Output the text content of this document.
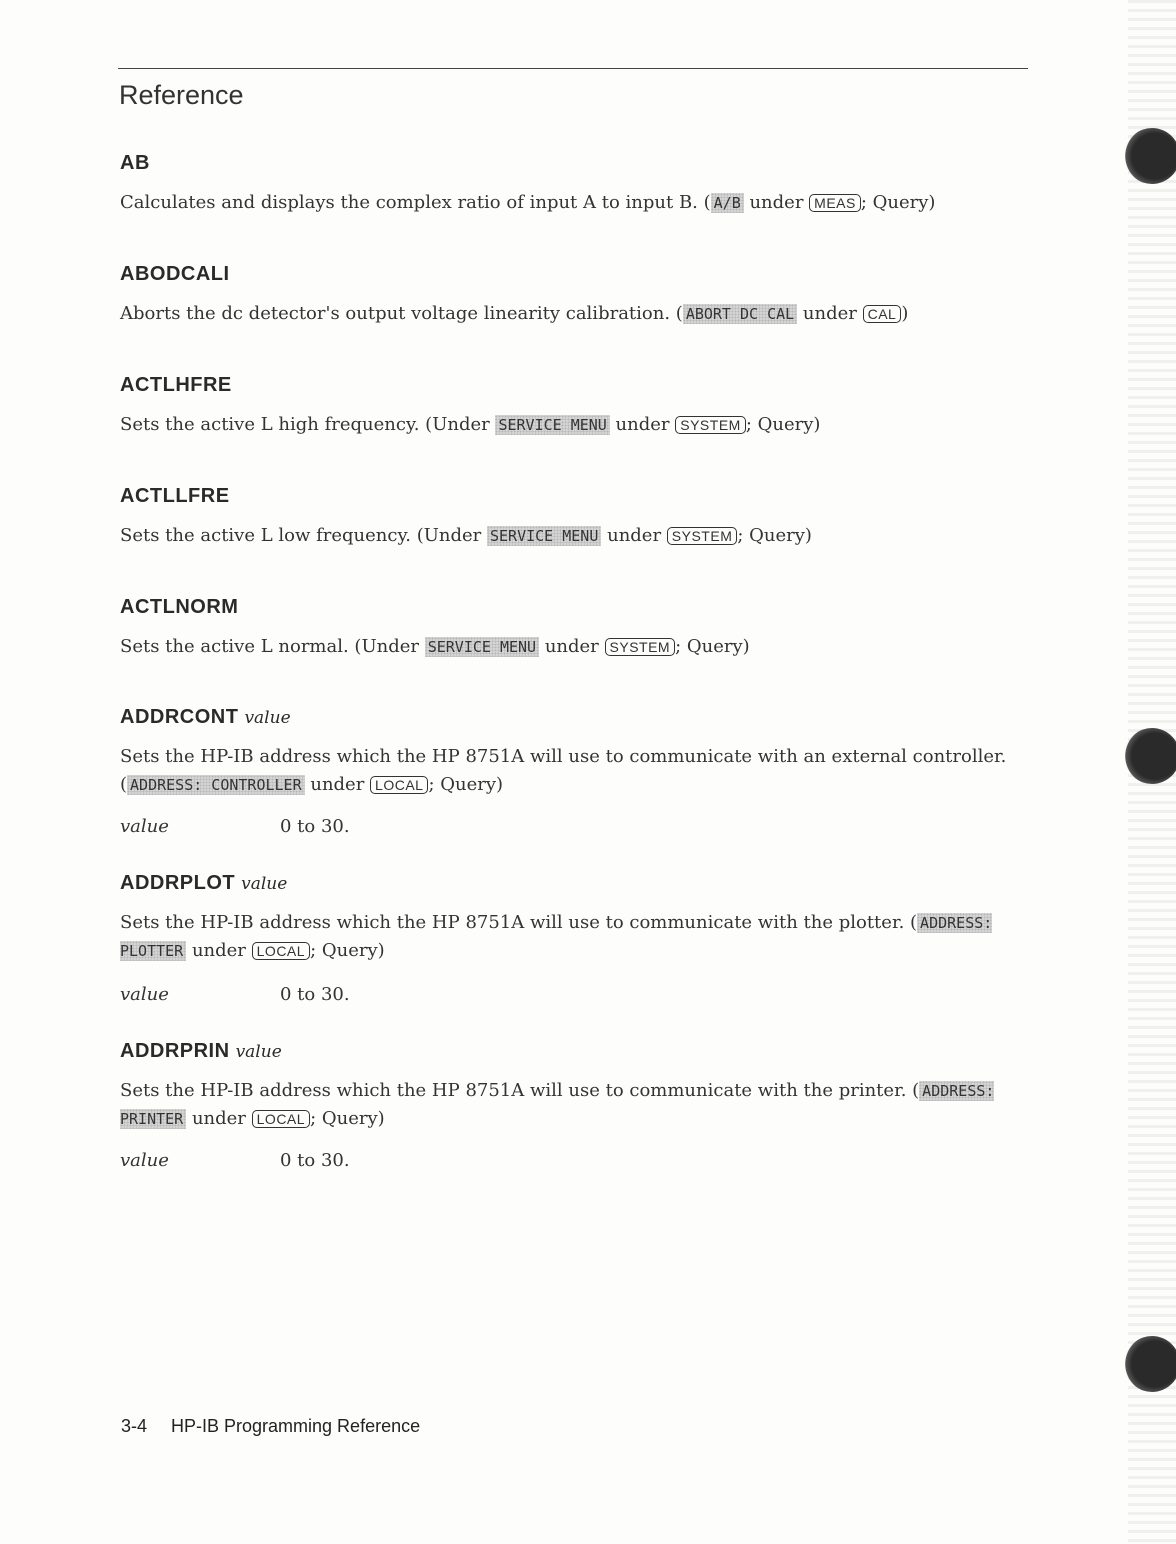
Reference
AB
Calculates and displays the complex ratio of input A to input B. ( A/B under MEAS ; Query)
ABODCALI
Aborts the dc detector's output voltage linearity calibration. ( ABORT DC CAL under CAL )
ACTLHFRE
Sets the active L high frequency. (Under SERVICE MENU under SYSTEM ; Query)
ACTLLFRE
Sets the active L low frequency. (Under SERVICE MENU under SYSTEM ; Query)
ACTLNORM
Sets the active L normal. (Under SERVICE MENU under SYSTEM ; Query)
ADDRCONT value
Sets the HP-IB address which the HP 8751A will use to communicate with an external controller. ( ADDRESS: CONTROLLER under LOCAL ; Query)
value	0 to 30.
ADDRPLOT value
Sets the HP-IB address which the HP 8751A will use to communicate with the plotter. ( ADDRESS: PLOTTER under LOCAL ; Query)
value	0 to 30.
ADDRPRIN value
Sets the HP-IB address which the HP 8751A will use to communicate with the printer. ( ADDRESS: PRINTER under LOCAL ; Query)
value	0 to 30.
3-4 HP-IB Programming Reference
